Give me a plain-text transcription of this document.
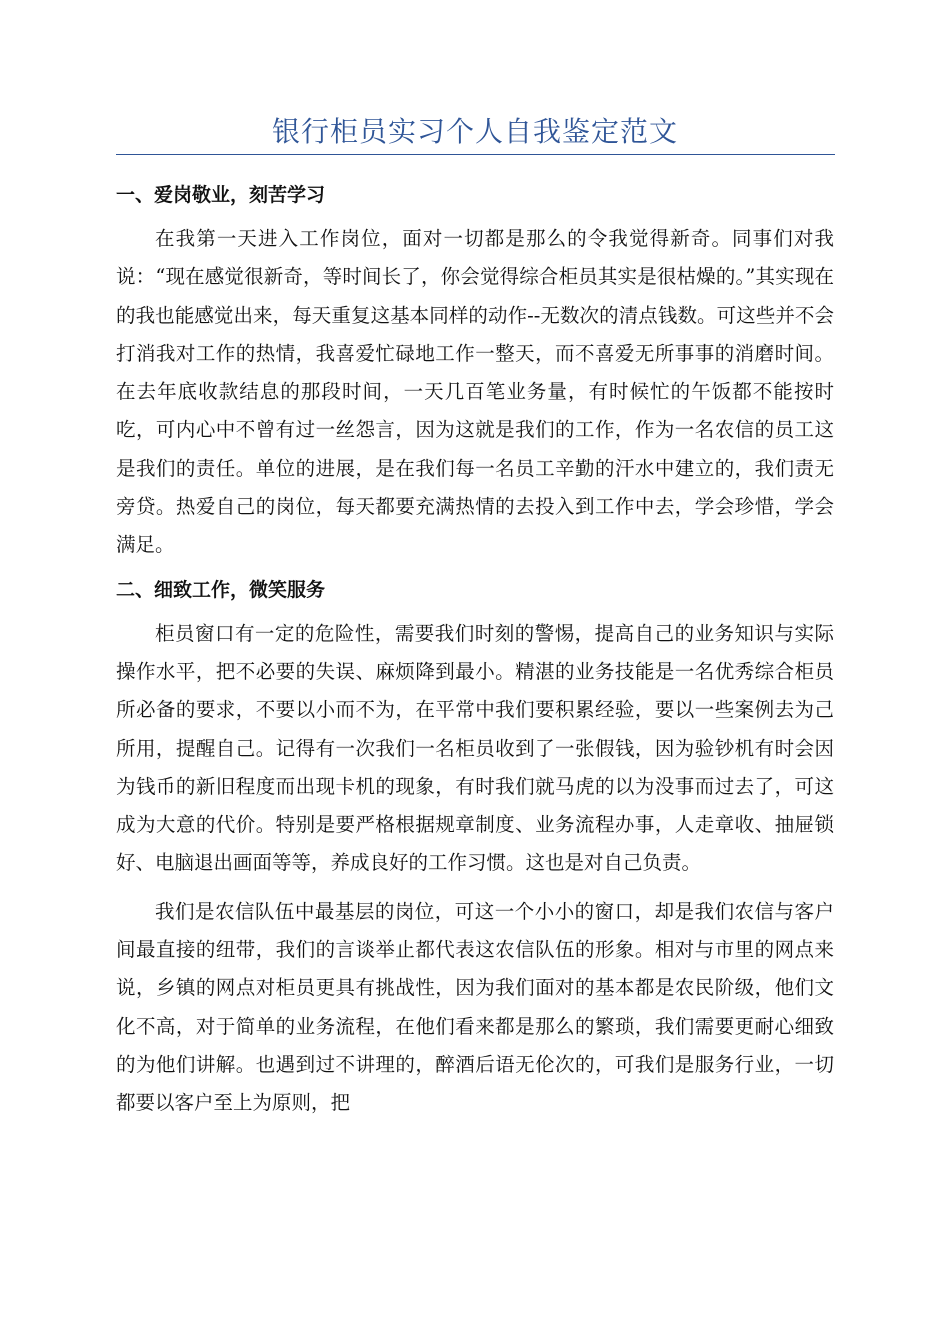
银行柜员实习个人自我鉴定范文
一、爱岗敬业，刻苦学习

在我第一天进入工作岗位，面对一切都是那么的令我觉得新奇。同事们对我说：“现在感觉很新奇，等时间长了，你会觉得综合柜员其实是很枯燥的。”其实现在的我也能感觉出来，每天重复这基本同样的动作--无数次的清点钱数。可这些并不会打消我对工作的热情，我喜爱忙碌地工作一整天，而不喜爱无所事事的消磨时间。在去年底收款结息的那段时间，一天几百笔业务量，有时候忙的午饭都不能按时吃，可内心中不曾有过一丝怨言，因为这就是我们的工作，作为一名农信的员工这是我们的责任。单位的进展，是在我们每一名员工辛勤的汗水中建立的，我们责无旁贷。热爱自己的岗位，每天都要充满热情的去投入到工作中去，学会珍惜，学会满足。

二、细致工作，微笑服务

柜员窗口有一定的危险性，需要我们时刻的警惕，提高自己的业务知识与实际操作水平，把不必要的失误、麻烦降到最小。精湛的业务技能是一名优秀综合柜员所必备的要求，不要以小而不为，在平常中我们要积累经验，要以一些案例去为己所用，提醒自己。记得有一次我们一名柜员收到了一张假钱，因为验钞机有时会因为钱币的新旧程度而出现卡机的现象，有时我们就马虎的以为没事而过去了，可这成为大意的代价。特别是要严格根据规章制度、业务流程办事，人走章收、抽屉锁好、电脑退出画面等等，养成良好的工作习惯。这也是对自己负责。

我们是农信队伍中最基层的岗位，可这一个小小的窗口，却是我们农信与客户间最直接的纽带，我们的言谈举止都代表这农信队伍的形象。相对与市里的网点来说，乡镇的网点对柜员更具有挑战性，因为我们面对的基本都是农民阶级，他们文化不高，对于简单的业务流程，在他们看来都是那么的繁琐，我们需要更耐心细致的为他们讲解。也遇到过不讲理的，醉酒后语无伦次的，可我们是服务行业，一切都要以客户至上为原则，把
